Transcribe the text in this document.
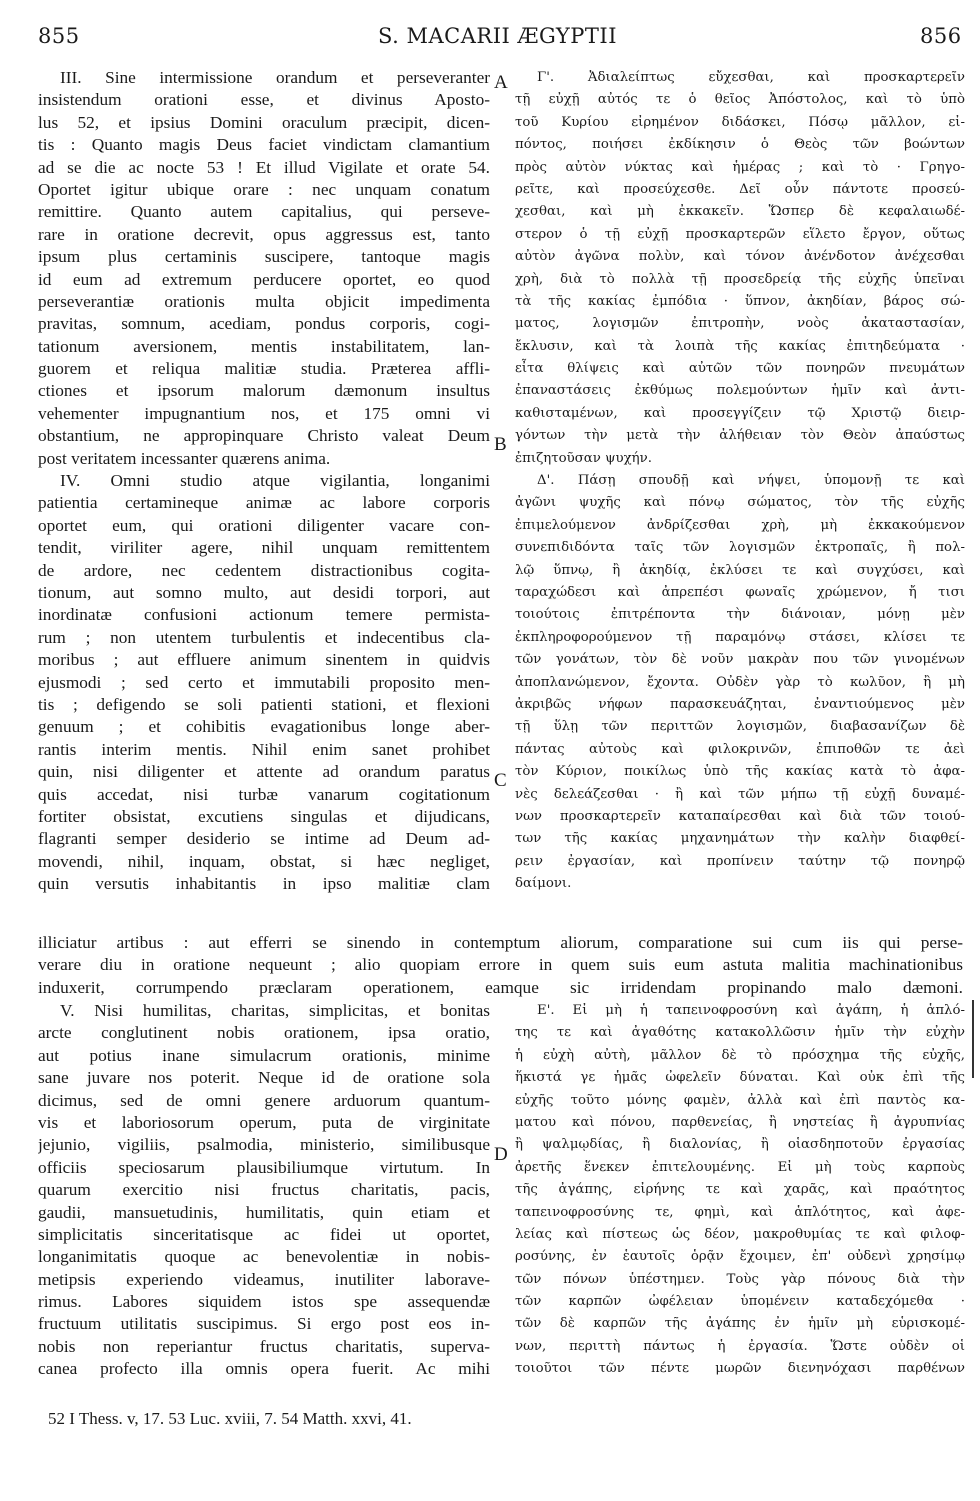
855	S. MACARII ÆGYPTII	856
III. Sine intermissione orandum et perseveranter
insistendum orationi esse, et divinus Aposto-
lus 52, et ipsius Domini oraculum præcipit, dicen-
tis : Quanto magis Deus faciet vindictam clamantium
ad se die ac nocte 53 ! Et illud Vigilate et orate 54.
Oportet igitur ubique orare : nec unquam conatum
remittire. Quanto autem capitalius, qui perseve-
rare in oratione decrevit, opus aggressus est, tanto
ipsum plus certaminis suscipere, tantoque magis
id eum ad extremum perducere oportet, eo quod
perseverantiæ orationis multa objicit impedimenta
pravitas, somnum, acediam, pondus corporis, cogi-
tationum aversionem, mentis instabilitatem, lan-
guorem et reliqua malitiæ studia. Præterea affli-
ctiones et ipsorum malorum dæmonum insultus
vehementer impugnantium nos, et 175 omni vi
obstantium, ne appropinquare Christo valeat Deum
post veritatem incessanter quærens anima.
IV. Omni studio atque vigilantia, longanimi
patientia certamineque animæ ac labore corporis
oportet eum, qui orationi diligenter vacare con-
tendit, viriliter agere, nihil unquam remittentem
de ardore, nec cedentem distractionibus cogita-
tionum, aut somno multo, aut desidi torpori, aut
inordinatæ confusioni actionum temere permista-
rum ; non utentem turbulentis et indecentibus cla-
moribus ; aut effluere animum sinentem in quidvis
ejusmodi ; sed certo et immutabili proposito men-
tis ; defigendo se soli patienti stationi, et flexioni
genuum ; et cohibitis evagationibus longe aber-
rantis interim mentis. Nihil enim sanet prohibet
quin, nisi diligenter et attente ad orandum paratus
quis accedat, nisi turbæ vanarum cogitationum
fortiter obsistat, excutiens singulas et dijudicans,
flagranti semper desiderio se intime ad Deum ad-
movendi, nihil, inquam, obstat, si hæc negliget,
quin versutis inhabitantis in ipso malitiæ clam
Γ'. Ἀδιαλείπτως εὔχεσθαι, καὶ προσκαρτερεῖν
τῇ εὐχῇ αὐτός τε ὁ θεῖος Ἀπόστολος, καὶ τὸ ὑπὸ
τοῦ Κυρίου εἰρημένον διδάσκει, Πόσῳ μᾶλλον, εἰ-
πόντος, ποιήσει ἐκδίκησιν ὁ Θεὸς τῶν βοώντων
πρὸς αὐτὸν νύκτας καὶ ἡμέρας ; καὶ τὸ · Γρηγο-
ρεῖτε, καὶ προσεύχεσθε. Δεῖ οὖν πάντοτε προσεύ-
χεσθαι, καὶ μὴ ἐκκακεῖν. Ὥσπερ δὲ κεφαλαιωδέ-
στερον ὁ τῇ εὐχῇ προσκαρτερῶν εἵλετο ἔργον, οὕτως
αὐτὸν ἀγῶνα πολὺν, καὶ τόνον ἀνένδοτον ἀνέχεσθαι
χρὴ, διὰ τὸ πολλὰ τῇ προσεδρείᾳ τῆς εὐχῆς ὑπεῖναι
τὰ τῆς κακίας ἐμπόδια · ὕπνον, ἀκηδίαν, βάρος σώ-
ματος, λογισμῶν ἐπιτροπὴν, νοὸς ἀκαταστασίαν,
ἔκλυσιν, καὶ τὰ λοιπὰ τῆς κακίας ἐπιτηδεύματα ·
εἶτα θλίψεις καὶ αὐτῶν τῶν πονηρῶν πνευμάτων
ἐπαναστάσεις ἐκθύμως πολεμούντων ἡμῖν καὶ ἀντι-
καθισταμένων, καὶ προσεγγίζειν τῷ Χριστῷ διειρ-
γόντων τὴν μετὰ τὴν ἀλήθειαν τὸν Θεὸν ἀπαύστως
ἐπιζητοῦσαν ψυχήν.
Δ'. Πάσῃ σπουδῇ καὶ νήψει, ὑπομονῇ τε καὶ
ἀγῶνι ψυχῆς καὶ πόνῳ σώματος, τὸν τῆς εὐχῆς
ἐπιμελούμενον ἀνδρίζεσθαι χρὴ, μὴ ἐκκακούμενον
συνεπιδιδόντα ταῖς τῶν λογισμῶν ἐκτροπαῖς, ἢ πολ-
λῷ ὕπνῳ, ἢ ἀκηδίᾳ, ἐκλύσει τε καὶ συγχύσει, καὶ
ταραχώδεσι καὶ ἀπρεπέσι φωναῖς χρώμενον, ἤ τισι
τοιούτοις ἐπιτρέποντα τὴν διάνοιαν, μόνῃ μὲν
ἐκπληροφορούμενον τῇ παραμόνῳ στάσει, κλίσει τε
τῶν γονάτων, τὸν δὲ νοῦν μακρὰν που τῶν γινομένων
ἀποπλανώμενον, ἔχοντα. Οὐδὲν γὰρ τὸ κωλῦον, ἢ μὴ
ἀκριβῶς νήφων παρασκευάζηται, ἐναντιούμενος μὲν
τῇ ὕλῃ τῶν περιττῶν λογισμῶν, διαβασανίζων δὲ
πάντας αὐτοὺς καὶ φιλοκρινῶν, ἐπιποθῶν τε ἀεὶ
τὸν Κύριον, ποικίλως ὑπὸ τῆς κακίας κατὰ τὸ ἀφα-
νὲς δελεάζεσθαι · ἢ καὶ τῶν μήπω τῇ εὐχῇ δυναμέ-
νων προσκαρτερεῖν καταπαίρεσθαι καὶ διὰ τῶν τοιού-
των τῆς κακίας μηχανημάτων τὴν καλὴν διαφθεί-
ρειν ἐργασίαν, καὶ προπίνειν ταύτην τῷ πονηρῷ
δαίμονι.
A
B
C
D
illiciatur artibus : aut efferri se sinendo in contemptum aliorum, comparatione sui cum iis qui perse-
verare diu in oratione nequeunt ; alio quopiam errore in quem suis eum astuta malitia machinationibus
induxerit, corrumpendo præclaram operationem, eamque sic irridendam propinando malo dæmoni.
V. Nisi humilitas, charitas, simplicitas, et bonitas
arcte conglutinent nobis orationem, ipsa oratio,
aut potius inane simulacrum orationis, minime
sane juvare nos poterit. Neque id de oratione sola
dicimus, sed de omni genere arduorum quantum-
vis et laboriosorum operum, puta de virginitate
jejunio, vigiliis, psalmodia, ministerio, similibusque
officiis speciosarum plausibiliumque virtutum. In
quarum exercitio nisi fructus charitatis, pacis,
gaudii, mansuetudinis, humilitatis, quin etiam et
simplicitatis sinceritatisque ac fidei ut oportet,
longanimitatis quoque ac benevolentiæ in nobis-
metipsis experiendo videamus, inutiliter laborave-
rimus. Labores siquidem istos spe assequendæ
fructuum utilitatis suscipimus. Si ergo post eos in-
nobis non reperiantur fructus charitatis, superva-
canea profecto illa omnis opera fuerit. Ac mihi
Ε'. Εἰ μὴ ἡ ταπεινοφροσύνη καὶ ἀγάπη, ἡ ἁπλό-
της τε καὶ ἀγαθότης κατακολλῶσιν ἡμῖν τὴν εὐχὴν
ἡ εὐχὴ αὐτὴ, μᾶλλον δὲ τὸ πρόσχημα τῆς εὐχῆς,
ἥκιστά γε ἡμᾶς ὠφελεῖν δύναται. Καὶ οὐκ ἐπὶ τῆς
εὐχῆς τοῦτο μόνης φαμὲν, ἀλλὰ καὶ ἐπὶ παντὸς κα-
ματου καὶ πόνου, παρθενείας, ἢ νηστείας ἢ ἀγρυπνίας
ἢ ψαλμῳδίας, ἢ διαλονίας, ἢ οἱασδηποτοῦν ἐργασίας
ἀρετῆς ἕνεκεν ἐπιτελουμένης. Εἰ μὴ τοὺς καρποὺς
τῆς ἀγάπης, εἰρήνης τε καὶ χαρᾶς, καὶ πραότητος
ταπεινοφροσύνης τε, φημὶ, καὶ ἁπλότητος, καὶ ἀφε-
λείας καὶ πίστεως ὡς δέον, μακροθυμίας τε καὶ φιλοφ-
ροσύνης, ἐν ἑαυτοῖς ὁρᾷν ἔχοιμεν, ἐπ' οὐδενὶ χρησίμῳ
τῶν πόνων ὑπέστημεν. Τοὺς γὰρ πόνους διὰ τὴν
τῶν καρπῶν ὠφέλειαν ὑπομένειν καταδεχόμεθα ·
τῶν δὲ καρπῶν τῆς ἀγάπης ἐν ἡμῖν μὴ εὑρισκομέ-
νων, περιττὴ πάντως ἡ ἐργασία. Ὥστε οὐδὲν οἱ
τοιοῦτοι τῶν πέντε μωρῶν διενηνόχασι παρθένων
52 I Thess. v, 17. 53 Luc. xviii, 7. 54 Matth. xxvi, 41.
